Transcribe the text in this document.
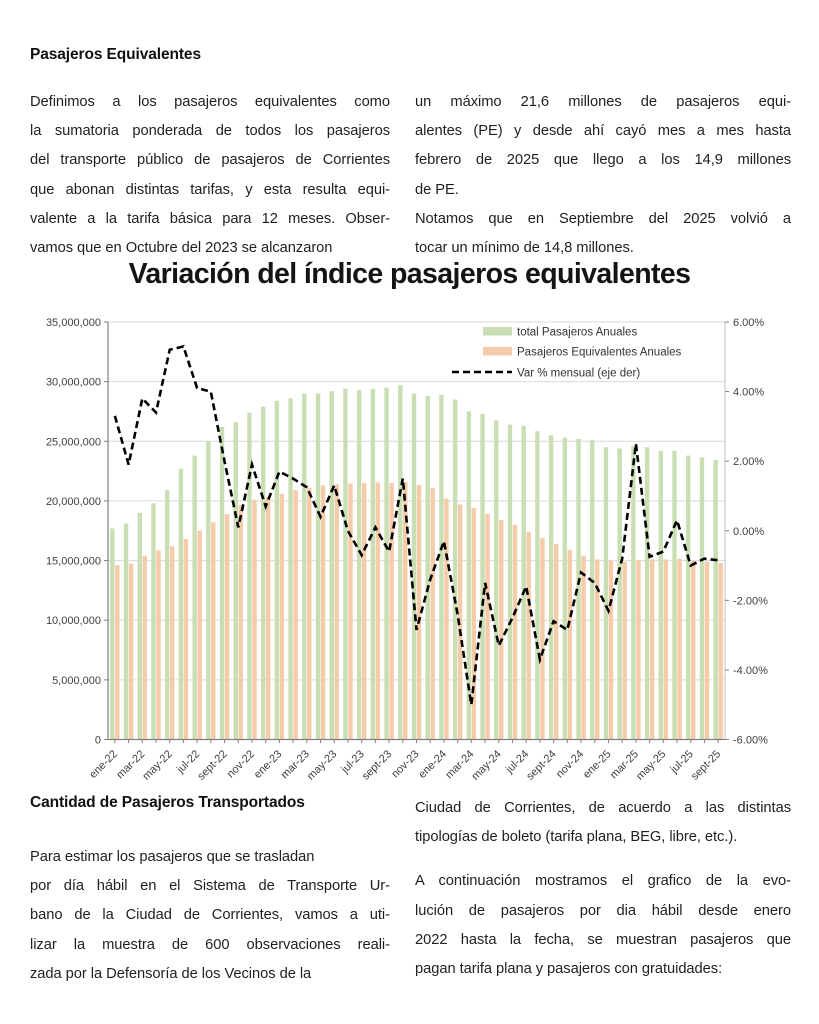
Pasajeros Equivalentes
Definimos a los pasajeros equivalentes como
la sumatoria ponderada de todos los pasajeros
del transporte público de pasajeros de Corrientes
que abonan distintas tarifas, y esta resulta equi-
valente a la tarifa básica para 12 meses. Obser-
vamos que en Octubre del 2023 se alcanzaron
un máximo 21,6 millones de pasajeros equi-
alentes (PE) y desde ahí cayó mes a mes hasta
febrero de 2025 que llego a los 14,9 millones
de PE.
Notamos que en Septiembre del 2025 volvió a
tocar un mínimo de 14,8 millones.
Variación del índice pasajeros equivalentes
0
5,000,000
10,000,000
15,000,000
20,000,000
25,000,000
30,000,000
35,000,000
-6.00%
-4.00%
-2.00%
0.00%
2.00%
4.00%
6.00%
ene-22
mar-22
may-22 jul-22
sept-22
nov-22
ene-23
mar-23
may-23 jul-23
sept-23
nov-23
ene-24
mar-24
may-24 jul-24
sept-24
nov-24
ene-25
mar-25
may-25 jul-25
sept-25
total Pasajeros Anuales
Pasajeros Equivalentes Anuales
Var % mensual (eje der)
Cantidad de Pasajeros Transportados
Para estimar los pasajeros que se trasladan
por día hábil en el Sistema de Transporte Ur-
bano de la Ciudad de Corrientes, vamos a uti-
lizar la muestra de 600 observaciones reali-
zada por la Defensoría de los Vecinos de la
Ciudad de Corrientes, de acuerdo a las distintas
tipologías de boleto (tarifa plana, BEG, libre, etc.).
A continuación mostramos el grafico de la evo-
lución de pasajeros por dia hábil desde enero
2022 hasta la fecha, se muestran pasajeros que
pagan tarifa plana y pasajeros con gratuidades:
